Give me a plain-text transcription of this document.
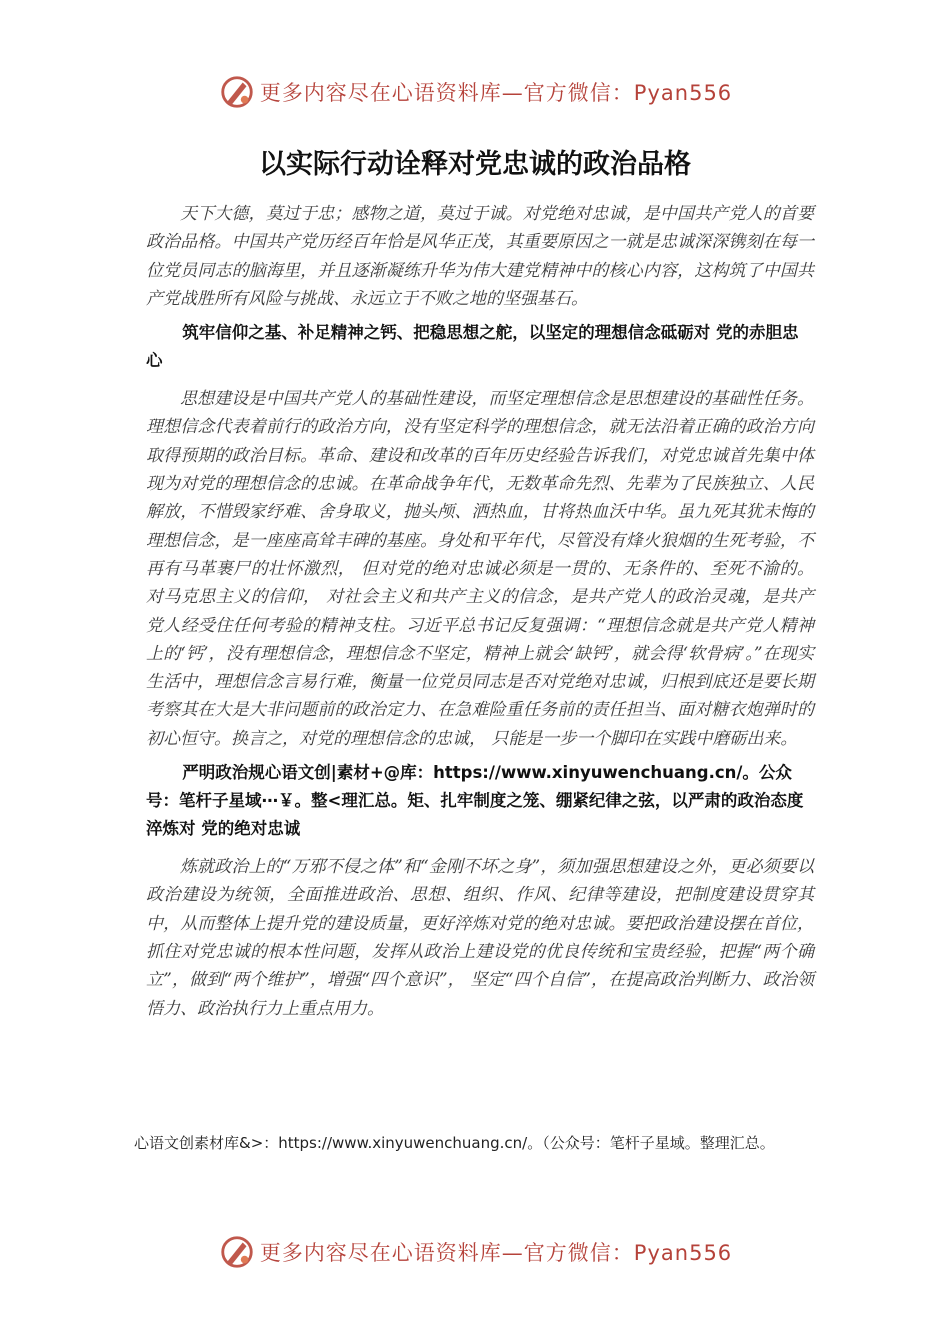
更多内容尽在心语资料库—官方微信：Pyan556
以实际行动诠释对党忠诚的政治品格

天下大德，莫过于忠；感物之道，莫过于诚。对党绝对忠诚，是中国共产党人的首要政治品格。中国共产党历经百年恰是风华正茂，其重要原因之一就是忠诚深深镌刻在每一位党员同志的脑海里，并且逐渐凝练升华为伟大建党精神中的核心内容，这构筑了中国共产党战胜所有风险与挑战、永远立于不败之地的坚强基石。

筑牢信仰之基、补足精神之钙、把稳思想之舵，以坚定的理想信念砥砺对 党的赤胆忠心

思想建设是中国共产党人的基础性建设，而坚定理想信念是思想建设的基础性任务。理想信念代表着前行的政治方向，没有坚定科学的理想信念，就无法沿着正确的政治方向取得预期的政治目标。革命、建设和改革的百年历史经验告诉我们，对党忠诚首先集中体现为对党的理想信念的忠诚。在革命战争年代，无数革命先烈、先辈为了民族独立、人民解放，不惜毁家纾难、舍身取义，抛头颅、洒热血，甘将热血沃中华。虽九死其犹未悔的理想信念，是一座座高耸丰碑的基座。身处和平年代，尽管没有烽火狼烟的生死考验，不再有马革裹尸的壮怀激烈， 但对党的绝对忠诚必须是一贯的、无条件的、至死不渝的。对马克思主义的信仰， 对社会主义和共产主义的信念，是共产党人的政治灵魂，是共产党人经受住任何考验的精神支柱。习近平总书记反复强调：“理想信念就是共产党人精神上的‘钙’，没有理想信念，理想信念不坚定，精神上就会‘缺钙’，就会得‘软骨病’。”在现实生活中，理想信念言易行难，衡量一位党员同志是否对党绝对忠诚，归根到底还是要长期考察其在大是大非问题前的政治定力、在急难险重任务前的责任担当、面对糖衣炮弹时的初心恒守。换言之，对党的理想信念的忠诚， 只能是一步一个脚印在实践中磨砺出来。

严明政治规心语文创|素材+@库：https://www.xinyuwenchuang.cn/。公众号：笔杆子星域⋯￥。整<理汇总。矩、扎牢制度之笼、绷紧纪律之弦，以严肃的政治态度淬炼对 党的绝对忠诚

炼就政治上的“万邪不侵之体”和“金刚不坏之身”，须加强思想建设之外，更必须要以政治建设为统领，全面推进政治、思想、组织、作风、纪律等建设，把制度建设贯穿其中，从而整体上提升党的建设质量，更好淬炼对党的绝对忠诚。要把政治建设摆在首位，抓住对党忠诚的根本性问题，发挥从政治上建设党的优良传统和宝贵经验，把握“两个确立”，做到“两个维护”，增强“四个意识”， 坚定“四个自信”，在提高政治判断力、政治领悟力、政治执行力上重点用力。

心语文创素材库&>：https://www.xinyuwenchuang.cn/。（公众号：笔杆子星域。整理汇总。
更多内容尽在心语资料库—官方微信：Pyan556
